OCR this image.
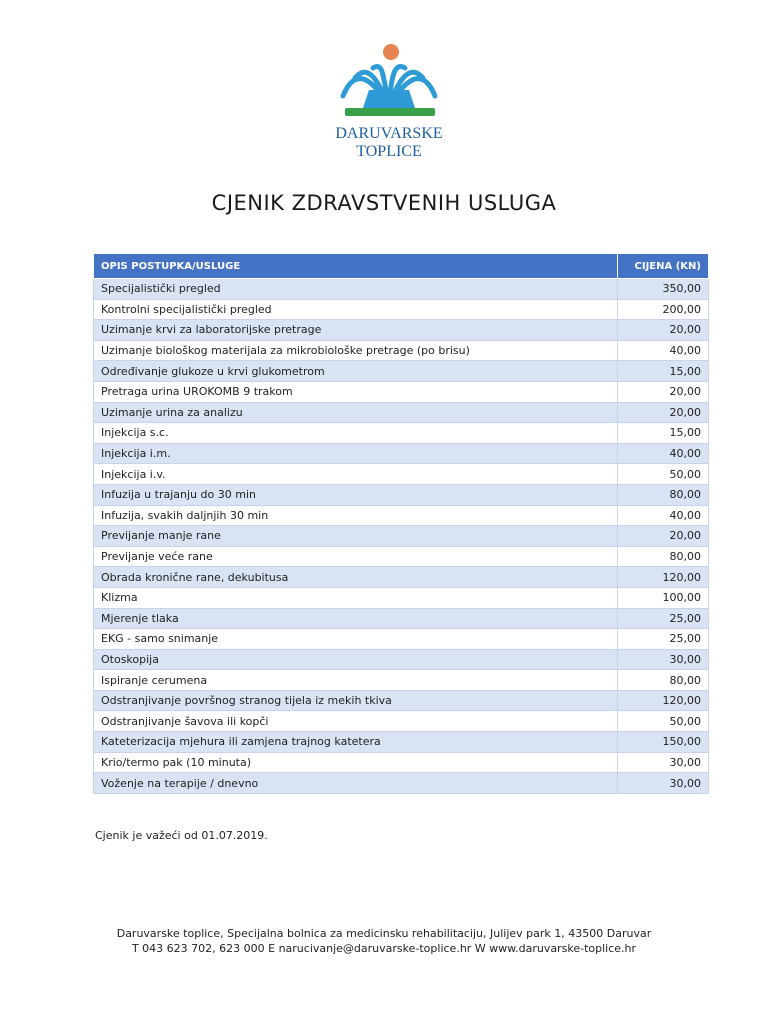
DARUVARSKE
TOPLICE
CJENIK ZDRAVSTVENIH USLUGA
OPIS POSTUPKA/USLUGE	CIJENA (KN)
Specijalistički pregled	350,00
Kontrolni specijalistički pregled	200,00
Uzimanje krvi za laboratorijske pretrage	20,00
Uzimanje biološkog materijala za mikrobiološke pretrage (po brisu)	40,00
Određivanje glukoze u krvi glukometrom	15,00
Pretraga urina URОKOMB 9 trakom	20,00
Uzimanje urina za analizu	20,00
Injekcija s.c.	15,00
Injekcija i.m.	40,00
Injekcija i.v.	50,00
Infuzija u trajanju do 30 min	80,00
Infuzija, svakih daljnjih 30 min	40,00
Previjanje manje rane	20,00
Previjanje veće rane	80,00
Obrada kronične rane, dekubitusa	120,00
Klizma	100,00
Mjerenje tlaka	25,00
EKG - samo snimanje	25,00
Otoskopija	30,00
Ispiranje cerumena	80,00
Odstranjivanje površnog stranog tijela iz mekih tkiva	120,00
Odstranjivanje šavova ili kopči	50,00
Kateterizacija mjehura ili zamjena trajnog katetera	150,00
Krio/termo pak (10 minuta)	30,00
Voženje na terapije / dnevno	30,00
Cjenik je važeći od 01.07.2019.
Daruvarske toplice, Specijalna bolnica za medicinsku rehabilitaciju, Julijev park 1, 43500 Daruvar
T 043 623 702, 623 000 E narucivanje@daruvarske-toplice.hr W www.daruvarske-toplice.hr
